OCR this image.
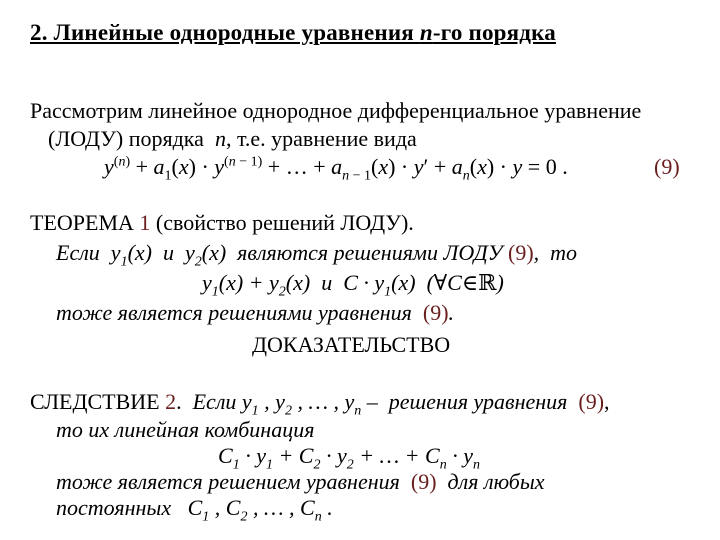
2. Линейные однородные уравнения n-го порядка
Рассмотрим линейное однородное дифференциальное уравнение
(ЛОДУ) порядка  n, т.е. уравнение вида
$y^{(n)} + a_1(x) \cdot y^{(n - 1)}$ + … + $a_{n - 1}(x) \cdot y' + a_n(x) \cdot y = 0$ .	(9)
ТЕОРЕМА 1 (свойство решений ЛОДУ).
Если  $y_1(x)$  и  $y_2(x)$  являются решениями ЛОДУ (9),  то
$y_1(x) + y_2(x)$  и  $C \cdot y_1(x)$  (∀C∈ℝ)
тоже является решениями уравнения  (9).
ДОКАЗАТЕЛЬСТВО
СЛЕДСТВИЕ 2.  Если $y_1$ , $y_2$ , … , $y_n$ –  решения уравнения  (9),
то их линейная комбинация
$C_1 \cdot y_1 + C_2 \cdot y_2$ + … + $C_n \cdot y_n$
тоже является решением уравнения  (9)  для любых
постоянных   $C_1$ , $C_2$ , … , $C_n$ .
